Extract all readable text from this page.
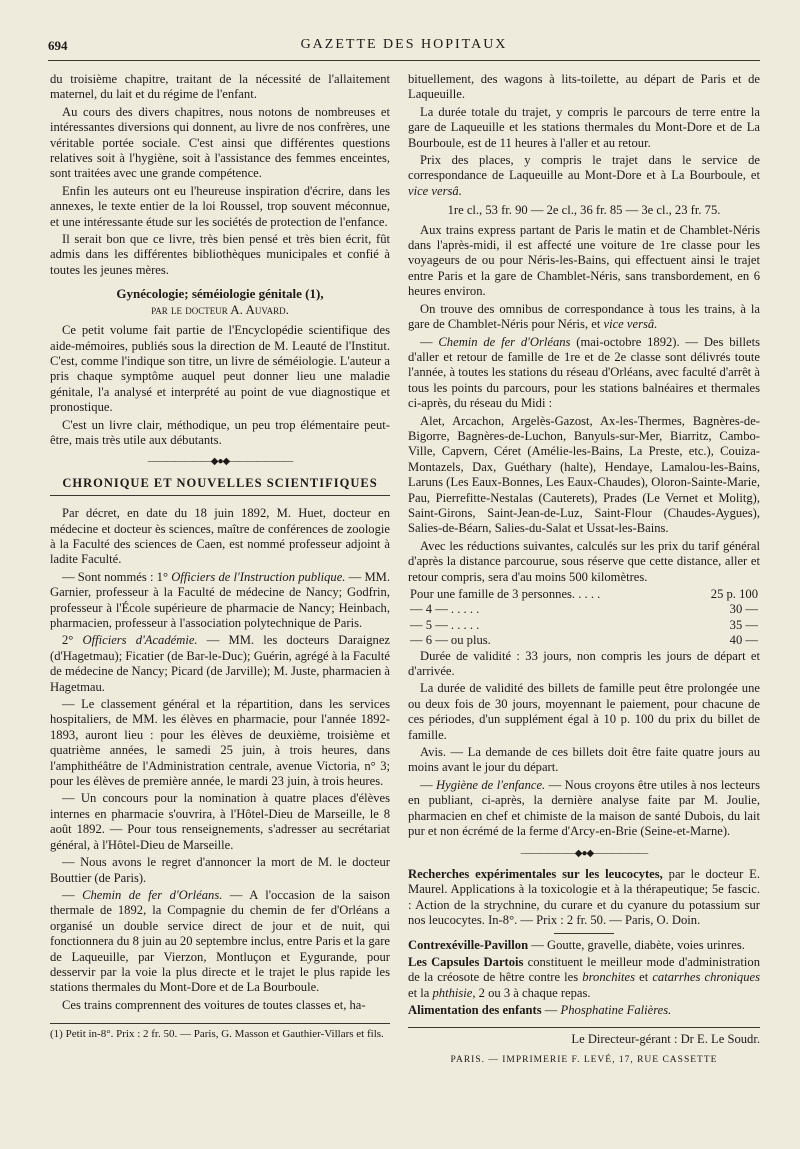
694	GAZETTE DES HOPITAUX

du troisième chapitre, traitant de la nécessité de l'allaitement maternel, du lait et du régime de l'enfant.

Au cours des divers chapitres, nous notons de nombreuses et intéressantes diversions qui donnent, au livre de nos confrères, une véritable portée sociale. C'est ainsi que différentes questions relatives soit à l'hygiène, soit à l'assistance des femmes enceintes, sont traitées avec une grande compétence.

Enfin les auteurs ont eu l'heureuse inspiration d'écrire, dans les annexes, le texte entier de la loi Roussel, trop souvent méconnue, et une intéressante étude sur les sociétés de protection de l'enfance.

Il serait bon que ce livre, très bien pensé et très bien écrit, fût admis dans les différentes bibliothèques municipales et confié à toutes les jeunes mères.

Gynécologie; séméiologie génitale (1),
par le docteur A. Auvard.

Ce petit volume fait partie de l'Encyclopédie scientifique des aide-mémoires, publiés sous la direction de M. Leauté de l'Institut. C'est, comme l'indique son titre, un livre de séméiologie. L'auteur a pris chaque symptôme auquel peut donner lieu une maladie génitale, l'a analysé et interprété au point de vue diagnostique et pronostique.

C'est un livre clair, méthodique, un peu trop élémentaire peut-être, mais très utile aux débutants.

———————◆●◆———————
CHRONIQUE ET NOUVELLES SCIENTIFIQUES

Par décret, en date du 18 juin 1892, M. Huet, docteur en médecine et docteur ès sciences, maître de conférences de zoologie à la Faculté des sciences de Caen, est nommé professeur adjoint à ladite Faculté.

— Sont nommés : 1° Officiers de l'Instruction publique. — MM. Garnier, professeur à la Faculté de médecine de Nancy; Godfrin, professeur à l'École supérieure de pharmacie de Nancy; Heinbach, pharmacien, professeur à l'association polytechnique de Paris.

2° Officiers d'Académie. — MM. les docteurs Daraignez (d'Hagetmau); Ficatier (de Bar-le-Duc); Guérin, agrégé à la Faculté de médecine de Nancy; Picard (de Jarville); M. Juste, pharmacien à Hagetmau.

— Le classement général et la répartition, dans les services hospitaliers, de MM. les élèves en pharmacie, pour l'année 1892-1893, auront lieu : pour les élèves de deuxième, troisième et quatrième années, le samedi 25 juin, à trois heures, dans l'amphithéâtre de l'Administration centrale, avenue Victoria, n° 3; pour les élèves de première année, le mardi 23 juin, à trois heures.

— Un concours pour la nomination à quatre places d'élèves internes en pharmacie s'ouvrira, à l'Hôtel-Dieu de Marseille, le 8 août 1892. — Pour tous renseignements, s'adresser au secrétariat général, à l'Hôtel-Dieu de Marseille.

— Nous avons le regret d'annoncer la mort de M. le docteur Bouttier (de Paris).

— Chemin de fer d'Orléans. — A l'occasion de la saison thermale de 1892, la Compagnie du chemin de fer d'Orléans a organisé un double service direct de jour et de nuit, qui fonctionnera du 8 juin au 20 septembre inclus, entre Paris et la gare de Laqueuille, par Vierzon, Montluçon et Eygurande, pour desservir par la voie la plus directe et le trajet le plus rapide les stations thermales du Mont-Dore et de La Bourboule.

Ces trains comprennent des voitures de toutes classes et, ha-

(1) Petit in-8°. Prix : 2 fr. 50. — Paris, G. Masson et Gauthier-Villars et fils.

bituellement, des wagons à lits-toilette, au départ de Paris et de Laqueuille.

La durée totale du trajet, y compris le parcours de terre entre la gare de Laqueuille et les stations thermales du Mont-Dore et de La Bourboule, est de 11 heures à l'aller et au retour.

Prix des places, y compris le trajet dans le service de correspondance de Laqueuille au Mont-Dore et à La Bourboule, et vice versâ.

1re cl., 53 fr. 90 — 2e cl., 36 fr. 85 — 3e cl., 23 fr. 75.

Aux trains express partant de Paris le matin et de Chamblet-Néris dans l'après-midi, il est affecté une voiture de 1re classe pour les voyageurs de ou pour Néris-les-Bains, qui effectuent ainsi le trajet entre Paris et la gare de Chamblet-Néris, sans transbordement, en 6 heures environ.

On trouve des omnibus de correspondance à tous les trains, à la gare de Chamblet-Néris pour Néris, et vice versâ.

— Chemin de fer d'Orléans (mai-octobre 1892). — Des billets d'aller et retour de famille de 1re et de 2e classe sont délivrés toute l'année, à toutes les stations du réseau d'Orléans, avec faculté d'arrêt à tous les points du parcours, pour les stations balnéaires et thermales ci-après, du réseau du Midi :

Alet, Arcachon, Argelès-Gazost, Ax-les-Thermes, Bagnères-de-Bigorre, Bagnères-de-Luchon, Banyuls-sur-Mer, Biarritz, Cambo-Ville, Capvern, Céret (Amélie-les-Bains, La Preste, etc.), Couiza-Montazels, Dax, Guéthary (halte), Hendaye, Lamalou-les-Bains, Laruns (Les Eaux-Bonnes, Les Eaux-Chaudes), Oloron-Sainte-Marie, Pau, Pierrefitte-Nestalas (Cauterets), Prades (Le Vernet et Molitg), Saint-Girons, Saint-Jean-de-Luz, Saint-Flour (Chaudes-Aygues), Salies-de-Béarn, Salies-du-Salat et Ussat-les-Bains.

Avec les réductions suivantes, calculés sur les prix du tarif général d'après la distance parcourue, sous réserve que cette distance, aller et retour compris, sera d'au moins 500 kilomètres.

Pour une famille de 3 personnes. . . . .	25 p. 100
— 4 — . . . . .	30 —
— 5 — . . . . .	35 —
— 6 — ou plus.	40 —

Durée de validité : 33 jours, non compris les jours de départ et d'arrivée.

La durée de validité des billets de famille peut être prolongée une ou deux fois de 30 jours, moyennant le paiement, pour chacune de ces périodes, d'un supplément égal à 10 p. 100 du prix du billet de famille.

Avis. — La demande de ces billets doit être faite quatre jours au moins avant le jour du départ.

— Hygiène de l'enfance. — Nous croyons être utiles à nos lecteurs en publiant, ci-après, la dernière analyse faite par M. Joulie, pharmacien en chef et chimiste de la maison de santé Dubois, du lait pur et non écrémé de la ferme d'Arcy-en-Brie (Seine-et-Marne).

——————◆●◆——————

Recherches expérimentales sur les leucocytes, par le docteur E. Maurel. Applications à la toxicologie et à la thérapeutique; 5e fascic. : Action de la strychnine, du curare et du cyanure du potassium sur nos leucocytes. In-8°. — Prix : 2 fr. 50. — Paris, O. Doin.

Contrexéville-Pavillon — Goutte, gravelle, diabète, voies urinres.

Les Capsules Dartois constituent le meilleur mode d'administration de la créosote de hêtre contre les bronchites et catarrhes chroniques et la phthisie, 2 ou 3 à chaque repas.

Alimentation des enfants — Phosphatine Falières.

Le Directeur-gérant : Dr E. Le Soudr.
PARIS. — IMPRIMERIE F. LEVÉ, 17, RUE CASSETTE
